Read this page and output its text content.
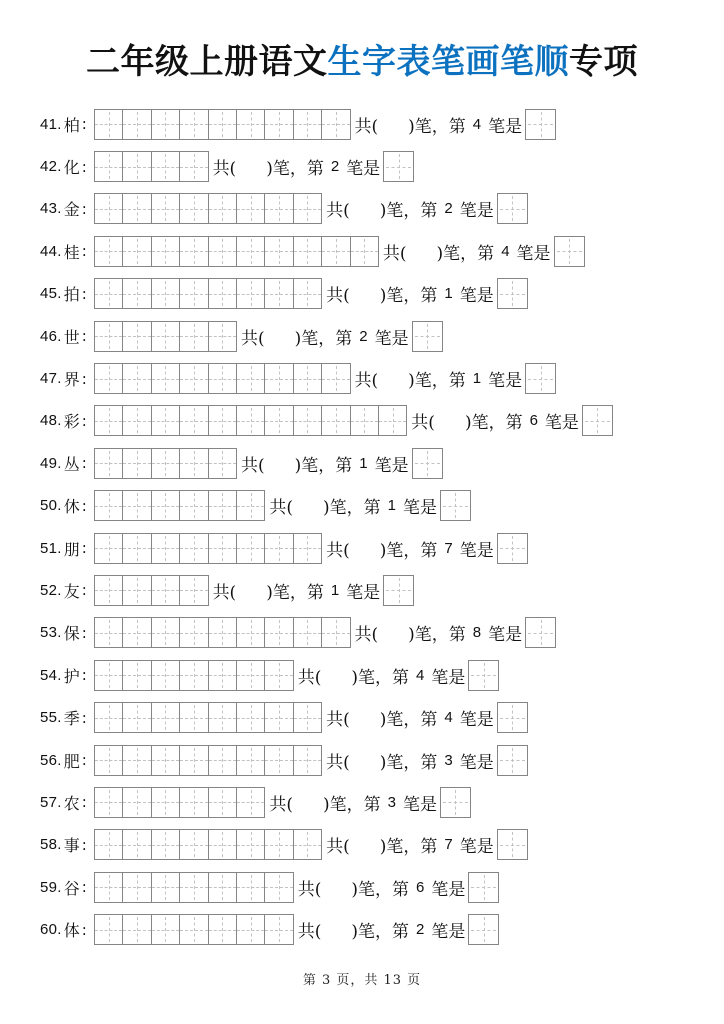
二年级上册语文生字表笔画笔顺专项
41. 柏 :	共( )笔，第 4 笔是
42. 化 :	共( )笔，第 2 笔是
43. 金 :	共( )笔，第 2 笔是
44. 桂 :	共( )笔，第 4 笔是
45. 拍 :	共( )笔，第 1 笔是
46. 世 :	共( )笔，第 2 笔是
47. 界 :	共( )笔，第 1 笔是
48. 彩 :	共( )笔，第 6 笔是
49. 丛 :	共( )笔，第 1 笔是
50. 休 :	共( )笔，第 1 笔是
51. 朋 :	共( )笔，第 7 笔是
52. 友 :	共( )笔，第 1 笔是
53. 保 :	共( )笔，第 8 笔是
54. 护 :	共( )笔，第 4 笔是
55. 季 :	共( )笔，第 4 笔是
56. 肥 :	共( )笔，第 3 笔是
57. 农 :	共( )笔，第 3 笔是
58. 事 :	共( )笔，第 7 笔是
59. 谷 :	共( )笔，第 6 笔是
60. 体 :	共( )笔，第 2 笔是
第 3 页，共 13 页
